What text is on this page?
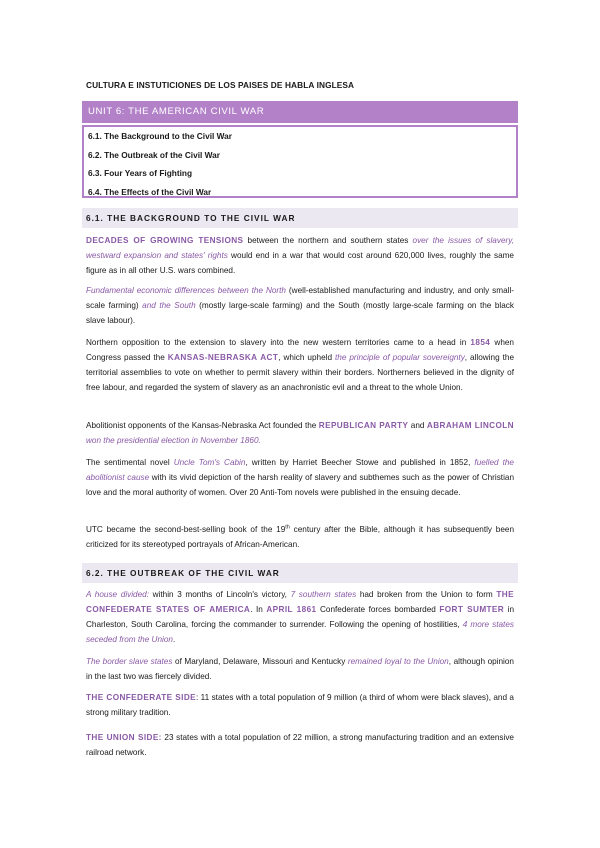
CULTURA E INSTUTICIONES DE LOS PAISES DE HABLA INGLESA
UNIT 6: THE AMERICAN CIVIL WAR
6.1. The Background to the Civil War
6.2. The Outbreak of the Civil War
6.3. Four Years of Fighting
6.4. The Effects of the Civil War
6.1. THE BACKGROUND TO THE CIVIL WAR

DECADES OF GROWING TENSIONS between the northern and southern states over the issues of slavery, westward expansion and states' rights would end in a war that would cost around 620,000 lives, roughly the same figure as in all other U.S. wars combined.

Fundamental economic differences between the North (well-established manufacturing and industry, and only small-scale farming) and the South (mostly large-scale farming) and the South (mostly large-scale farming on the black slave labour).

Northern opposition to the extension to slavery into the new western territories came to a head in 1854 when Congress passed the KANSAS-NEBRASKA ACT, which upheld the principle of popular sovereignty, allowing the territorial assemblies to vote on whether to permit slavery within their borders. Northerners believed in the dignity of free labour, and regarded the system of slavery as an anachronistic evil and a threat to the whole Union.

Abolitionist opponents of the Kansas-Nebraska Act founded the REPUBLICAN PARTY and ABRAHAM LINCOLN won the presidential election in November 1860.

The sentimental novel Uncle Tom's Cabin, written by Harriet Beecher Stowe and published in 1852, fuelled the abolitionist cause with its vivid depiction of the harsh reality of slavery and subthemes such as the power of Christian love and the moral authority of women. Over 20 Anti-Tom novels were published in the ensuing decade.

UTC became the second-best-selling book of the 19th century after the Bible, although it has subsequently been criticized for its stereotyped portrayals of African-American.

6.2. THE OUTBREAK OF THE CIVIL WAR

A house divided: within 3 months of Lincoln's victory, 7 southern states had broken from the Union to form THE CONFEDERATE STATES OF AMERICA. In APRIL 1861 Confederate forces bombarded FORT SUMTER in Charleston, South Carolina, forcing the commander to surrender. Following the opening of hostilities, 4 more states seceded from the Union.

The border slave states of Maryland, Delaware, Missouri and Kentucky remained loyal to the Union, although opinion in the last two was fiercely divided.

THE CONFEDERATE SIDE: 11 states with a total population of 9 million (a third of whom were black slaves), and a strong military tradition.

THE UNION SIDE: 23 states with a total population of 22 million, a strong manufacturing tradition and an extensive railroad network.
